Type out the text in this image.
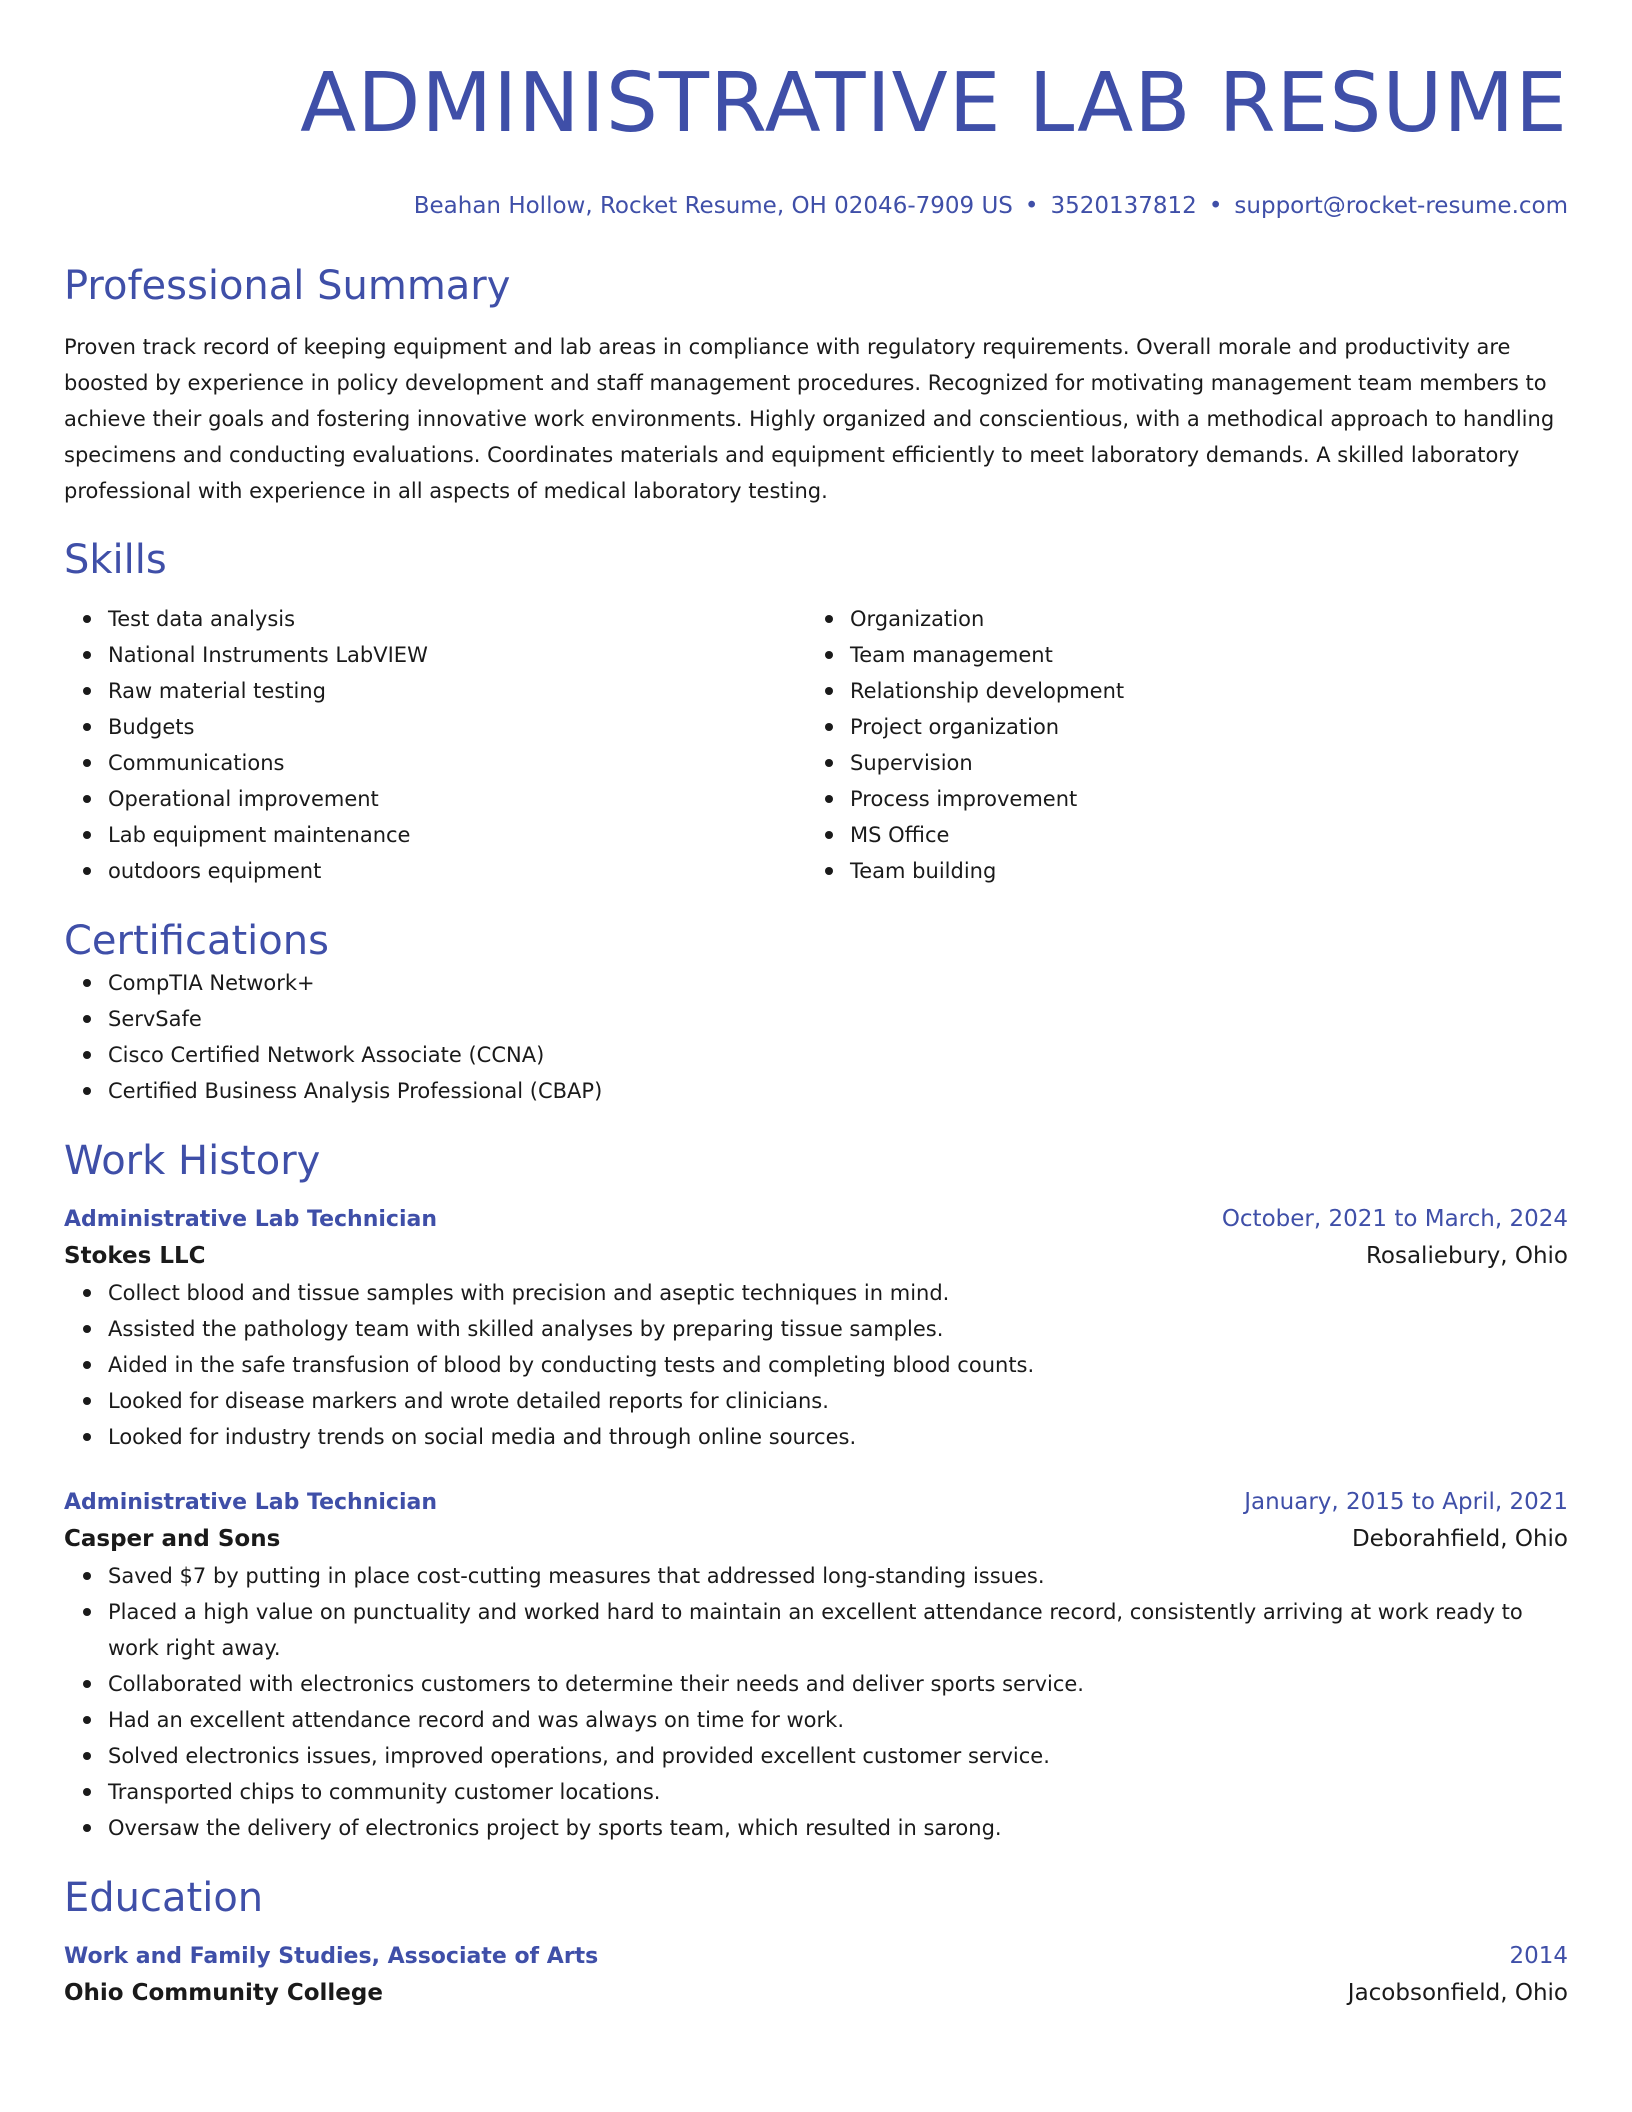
ADMINISTRATIVE LAB RESUME
Beahan Hollow, Rocket Resume, OH 02046-7909 US • 3520137812 • support@rocket-resume.com
Professional Summary
Proven track record of keeping equipment and lab areas in compliance with regulatory requirements. Overall morale and productivity are boosted by experience in policy development and staff management procedures. Recognized for motivating management team members to achieve their goals and fostering innovative work environments. Highly organized and conscientious, with a methodical approach to handling specimens and conducting evaluations. Coordinates materials and equipment efficiently to meet laboratory demands. A skilled laboratory professional with experience in all aspects of medical laboratory testing.
Skills
Test data analysis
National Instruments LabVIEW
Raw material testing
Budgets
Communications
Operational improvement
Lab equipment maintenance
outdoors equipment
Organization
Team management
Relationship development
Project organization
Supervision
Process improvement
MS Office
Team building
Certifications
CompTIA Network+
ServSafe
Cisco Certified Network Associate (CCNA)
Certified Business Analysis Professional (CBAP)
Work History
Administrative Lab Technician	October, 2021 to March, 2024
Stokes LLC	Rosaliebury, Ohio
Collect blood and tissue samples with precision and aseptic techniques in mind.
Assisted the pathology team with skilled analyses by preparing tissue samples.
Aided in the safe transfusion of blood by conducting tests and completing blood counts.
Looked for disease markers and wrote detailed reports for clinicians.
Looked for industry trends on social media and through online sources.
Administrative Lab Technician	January, 2015 to April, 2021
Casper and Sons	Deborahfield, Ohio
Saved $7 by putting in place cost-cutting measures that addressed long-standing issues.
Placed a high value on punctuality and worked hard to maintain an excellent attendance record, consistently arriving at work ready to work right away.
Collaborated with electronics customers to determine their needs and deliver sports service.
Had an excellent attendance record and was always on time for work.
Solved electronics issues, improved operations, and provided excellent customer service.
Transported chips to community customer locations.
Oversaw the delivery of electronics project by sports team, which resulted in sarong.
Education
Work and Family Studies, Associate of Arts	2014
Ohio Community College	Jacobsonfield, Ohio
